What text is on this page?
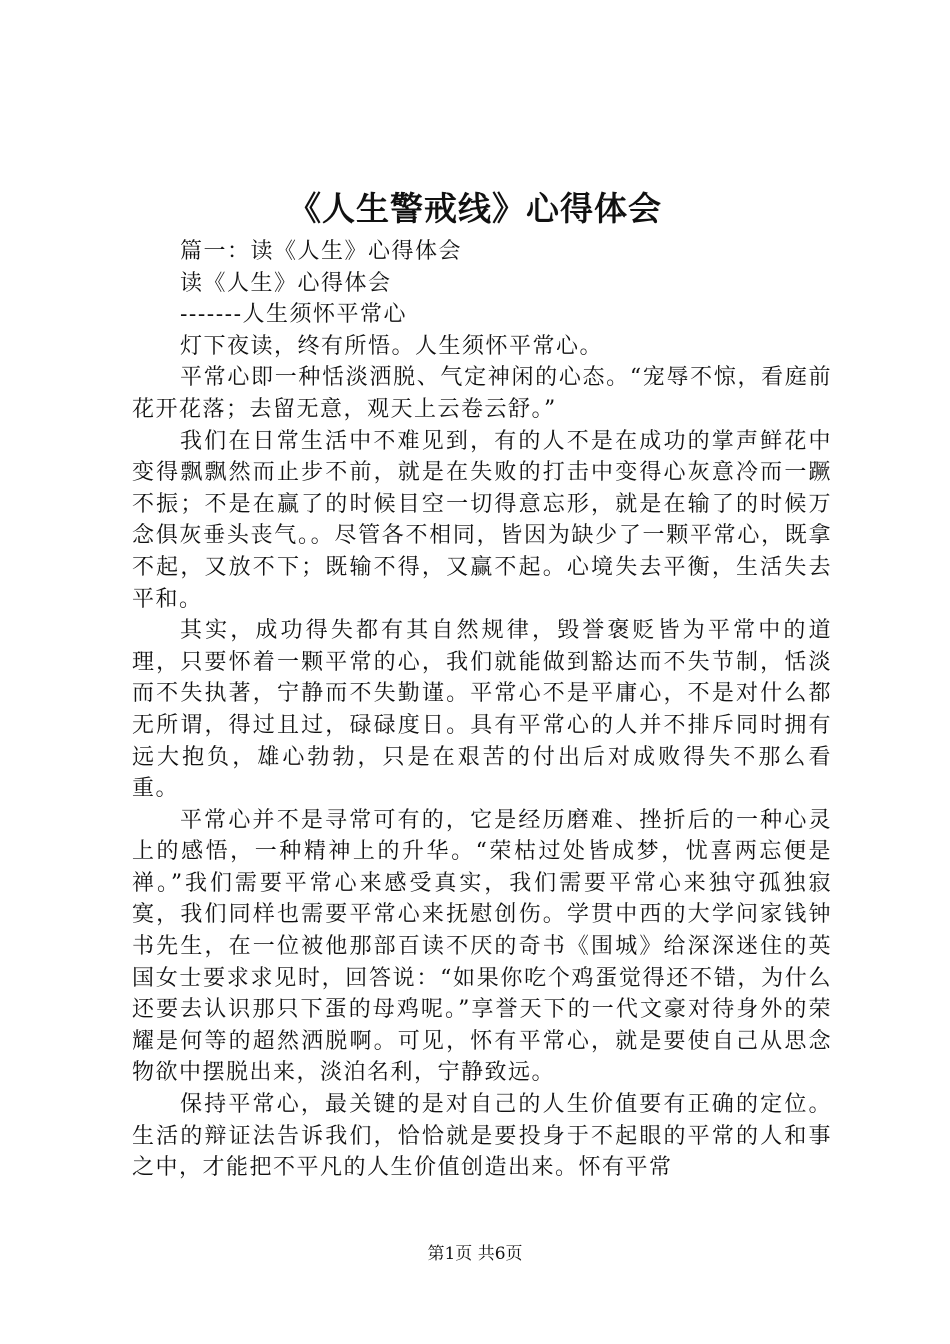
《人生警戒线》心得体会

篇一：读《人生》心得体会

读《人生》心得体会

-------人生须怀平常心

灯下夜读，终有所悟。人生须怀平常心。

平常心即一种恬淡洒脱、气定神闲的心态。“宠辱不惊，看庭前花开花落；去留无意，观天上云卷云舒。”

我们在日常生活中不难见到，有的人不是在成功的掌声鲜花中变得飘飘然而止步不前，就是在失败的打击中变得心灰意冷而一蹶不振；不是在赢了的时候目空一切得意忘形，就是在输了的时候万念俱灰垂头丧气。。尽管各不相同，皆因为缺少了一颗平常心，既拿不起，又放不下；既输不得，又赢不起。心境失去平衡，生活失去平和。

其实，成功得失都有其自然规律，毁誉褒贬皆为平常中的道理，只要怀着一颗平常的心，我们就能做到豁达而不失节制，恬淡而不失执著，宁静而不失勤谨。平常心不是平庸心，不是对什么都无所谓，得过且过，碌碌度日。具有平常心的人并不排斥同时拥有远大抱负，雄心勃勃，只是在艰苦的付出后对成败得失不那么看重。

平常心并不是寻常可有的，它是经历磨难、挫折后的一种心灵上的感悟，一种精神上的升华。“荣枯过处皆成梦，忧喜两忘便是禅。”我们需要平常心来感受真实，我们需要平常心来独守孤独寂寞，我们同样也需要平常心来抚慰创伤。学贯中西的大学问家钱钟书先生，在一位被他那部百读不厌的奇书《围城》给深深迷住的英国女士要求求见时，回答说：“如果你吃个鸡蛋觉得还不错，为什么还要去认识那只下蛋的母鸡呢。”享誉天下的一代文豪对待身外的荣耀是何等的超然洒脱啊。可见，怀有平常心，就是要使自己从思念物欲中摆脱出来，淡泊名利，宁静致远。

保持平常心，最关键的是对自己的人生价值要有正确的定位。生活的辩证法告诉我们，恰恰就是要投身于不起眼的平常的人和事之中，才能把不平凡的人生价值创造出来。怀有平常

第1页 共6页
